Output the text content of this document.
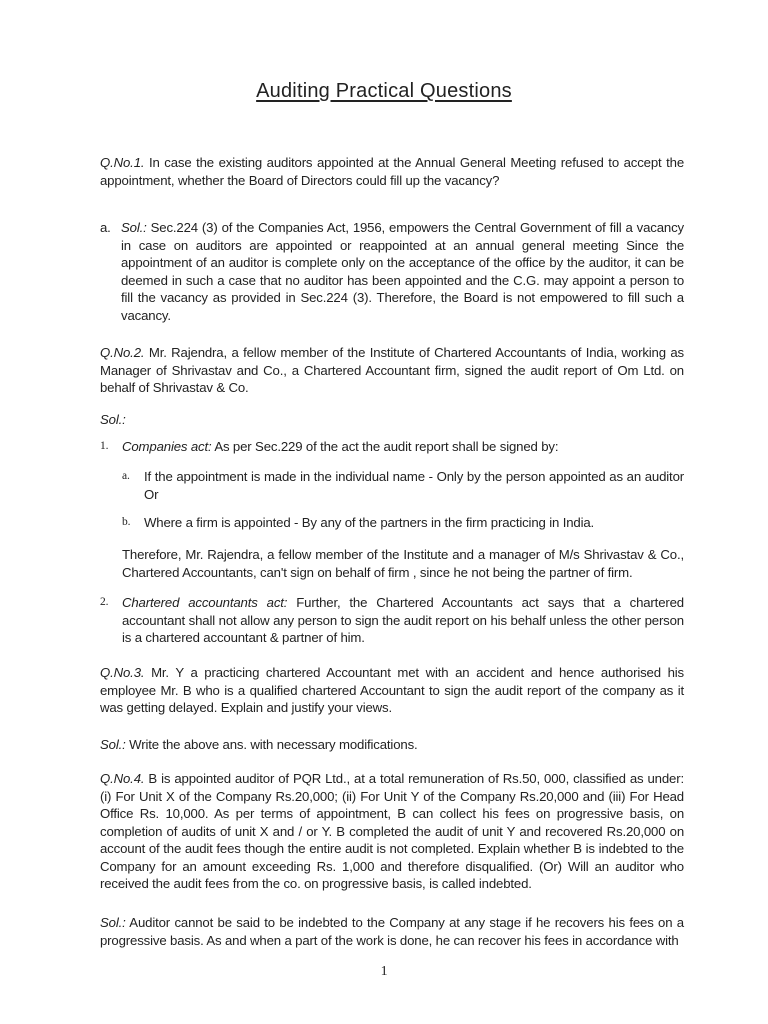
Auditing Practical Questions
Q.No.1. In case the existing auditors appointed at the Annual General Meeting refused to accept the appointment, whether the Board of Directors could fill up the vacancy?
a. Sol.: Sec.224 (3) of the Companies Act, 1956, empowers the Central Government of fill a vacancy in case on auditors are appointed or reappointed at an annual general meeting Since the appointment of an auditor is complete only on the acceptance of the office by the auditor, it can be deemed in such a case that no auditor has been appointed and the C.G. may appoint a person to fill the vacancy as provided in Sec.224 (3). Therefore, the Board is not empowered to fill such a vacancy.
Q.No.2. Mr. Rajendra, a fellow member of the Institute of Chartered Accountants of India, working as Manager of Shrivastav and Co., a Chartered Accountant firm, signed the audit report of Om Ltd. on behalf of Shrivastav & Co.
Sol.:
1. Companies act: As per Sec.229 of the act the audit report shall be signed by:
a. If the appointment is made in the individual name - Only by the person appointed as an auditor Or
b. Where a firm is appointed - By any of the partners in the firm practicing in India.
Therefore, Mr. Rajendra, a fellow member of the Institute and a manager of M/s Shrivastav & Co., Chartered Accountants, can't sign on behalf of firm , since he not being the partner of firm.
2. Chartered accountants act: Further, the Chartered Accountants act says that a chartered accountant shall not allow any person to sign the audit report on his behalf unless the other person is a chartered accountant & partner of him.
Q.No.3. Mr. Y a practicing chartered Accountant met with an accident and hence authorised his employee Mr. B who is a qualified chartered Accountant to sign the audit report of the company as it was getting delayed. Explain and justify your views.
Sol.: Write the above ans. with necessary modifications.
Q.No.4. B is appointed auditor of PQR Ltd., at a total remuneration of Rs.50, 000, classified as under: (i) For Unit X of the Company Rs.20,000; (ii) For Unit Y of the Company Rs.20,000 and (iii) For Head Office Rs. 10,000. As per terms of appointment, B can collect his fees on progressive basis, on completion of audits of unit X and / or Y. B completed the audit of unit Y and recovered Rs.20,000 on account of the audit fees though the entire audit is not completed. Explain whether B is indebted to the Company for an amount exceeding Rs. 1,000 and therefore disqualified. (Or) Will an auditor who received the audit fees from the co. on progressive basis, is called indebted.
Sol.: Auditor cannot be said to be indebted to the Company at any stage if he recovers his fees on a progressive basis. As and when a part of the work is done, he can recover his fees in accordance with
1
